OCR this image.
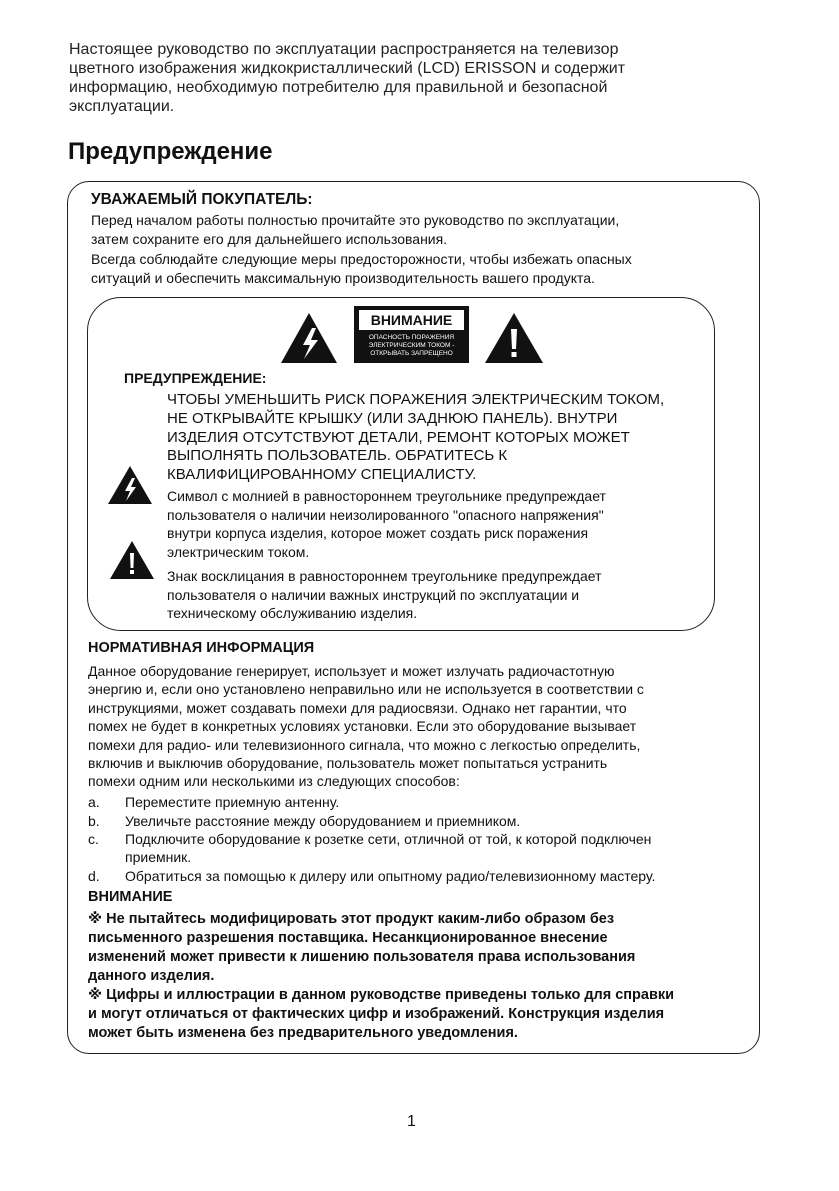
Настоящее руководство по эксплуатации распространяется на телевизор
цветного изображения жидкокристаллический (LCD) ERISSON и содержит
информацию, необходимую потребителю для правильной и безопасной
эксплуатации.
Предупреждение
УВАЖАЕМЫЙ ПОКУПАТЕЛЬ:
Перед началом работы полностью прочитайте это руководство по эксплуатации,
затем сохраните его для дальнейшего использования.
Всегда соблюдайте следующие меры предосторожности, чтобы избежать опасных
ситуаций и обеспечить максимальную производительность вашего продукта.
ВНИМАНИЕ
ОПАСНОСТЬ ПОРАЖЕНИЯ
ЭЛЕКТРИЧЕСКИМ ТОКОМ -
ОТКРЫВАТЬ ЗАПРЕЩЕНО
ПРЕДУПРЕЖДЕНИЕ:
ЧТОБЫ УМЕНЬШИТЬ РИСК ПОРАЖЕНИЯ ЭЛЕКТРИЧЕСКИМ ТОКОМ,
НЕ ОТКРЫВАЙТЕ КРЫШКУ (ИЛИ ЗАДНЮЮ ПАНЕЛЬ). ВНУТРИ
ИЗДЕЛИЯ ОТСУТСТВУЮТ ДЕТАЛИ, РЕМОНТ КОТОРЫХ МОЖЕТ
ВЫПОЛНЯТЬ ПОЛЬЗОВАТЕЛЬ. ОБРАТИТЕСЬ К
КВАЛИФИЦИРОВАННОМУ СПЕЦИАЛИСТУ.
Символ с молнией в равностороннем треугольнике предупреждает
пользователя о наличии неизолированного "опасного напряжения"
внутри корпуса изделия, которое может создать риск поражения
электрическим током.
Знак восклицания в равностороннем треугольнике предупреждает
пользователя о наличии важных инструкций по эксплуатации и
техническому обслуживанию изделия.
НОРМАТИВНАЯ ИНФОРМАЦИЯ
Данное оборудование генерирует, использует и может излучать радиочастотную
энергию и, если оно установлено неправильно или не используется в соответствии с
инструкциями, может создавать помехи для радиосвязи. Однако нет гарантии, что
помех не будет в конкретных условиях установки. Если это оборудование вызывает
помехи для радио- или телевизионного сигнала, что можно с легкостью определить,
включив и выключив оборудование, пользователь может попытаться устранить
помехи одним или несколькими из следующих способов:
a. Переместите приемную антенну.
b. Увеличьте расстояние между оборудованием и приемником.
c. Подключите оборудование к розетке сети, отличной от той, к которой подключен
приемник.
d. Обратиться за помощью к дилеру или опытному радио/телевизионному мастеру.
ВНИМАНИЕ
※ Не пытайтесь модифицировать этот продукт каким-либо образом без
письменного разрешения поставщика. Несанкционированное внесение
изменений может привести к лишению пользователя права использования
данного изделия.
※ Цифры и иллюстрации в данном руководстве приведены только для справки
и могут отличаться от фактических цифр и изображений. Конструкция изделия
может быть изменена без предварительного уведомления.
1
